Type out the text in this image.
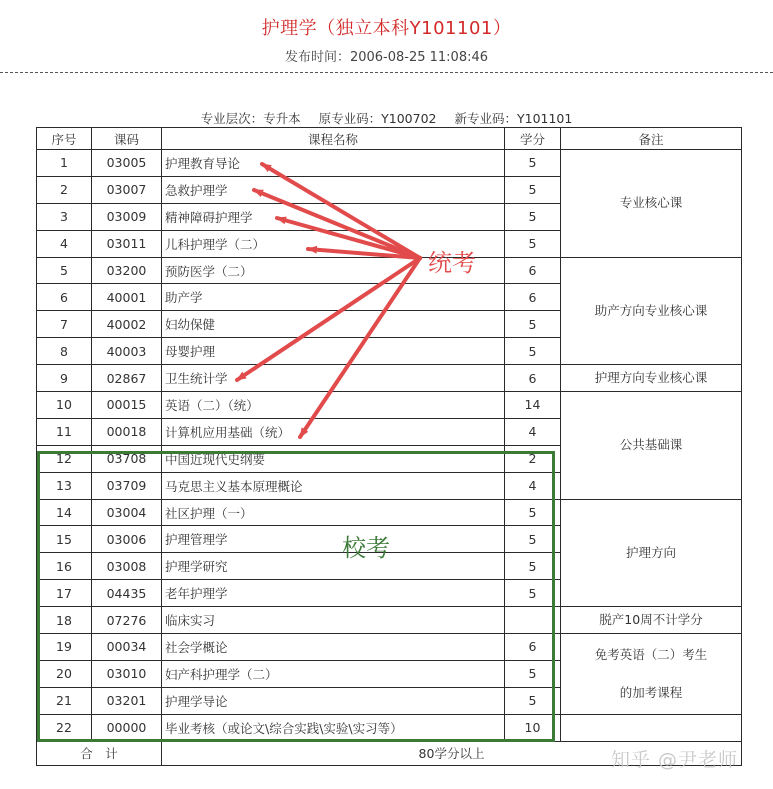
护理学（独立本科Y101101）
发布时间：2006-08-25 11:08:46
专业层次：专升本 原专业码：Y100702 新专业码：Y101101
序号	课码	课程名称	学分	备注
1	03005	护理教育导论	5	专业核心课
2	03007	急救护理学	5	
3	03009	精神障碍护理学	5	
4	03011	儿科护理学（二）	5	
5	03200	预防医学（二）	6	助产方向专业核心课
6	40001	助产学	6	
7	40002	妇幼保健	5	
8	40003	母婴护理	5	
9	02867	卫生统计学	6	护理方向专业核心课
10	00015	英语（二）（统）	14	公共基础课
11	00018	计算机应用基础（统）	4	
12	03708	中国近现代史纲要	2	
13	03709	马克思主义基本原理概论	4	
14	03004	社区护理（一）	5	护理方向
15	03006	护理管理学	5	
16	03008	护理学研究	5	
17	04435	老年护理学	5	
18	07276	临床实习		脱产10周不计学分
19	00034	社会学概论	6	免考英语（二）考生
的加考课程

20	03010	妇产科护理学（二）	5	
21	03201	护理学导论	5	
22	00000	毕业考核（或论文\综合实践\实验\实习等）	10	
合　计		80学分以上		
统考
校考
知乎 @尹老师
